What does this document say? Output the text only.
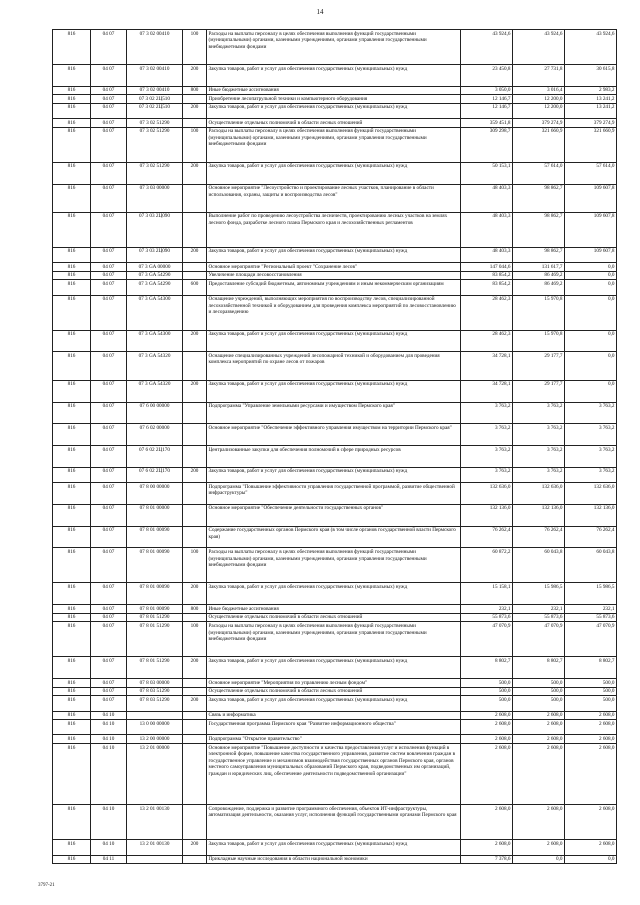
14
816	04 07	07 3 02 00410	100	Расходы на выплаты персоналу в целях обеспечения выполнения функций государственными (муниципальными) органами, казенными учреждениями, органами управления государственными внебюджетными фондами	43 924,6	43 924,6	43 924,6
816	04 07	07 3 02 00410	200	Закупка товаров, работ и услуг для обеспечения государственных (муниципальных) нужд	23 450,8	27 731,8	30 615,8
816	04 07	07 3 02 00410	800	Иные бюджетные ассигнования	3 050,0	3 016,4	2 983,2
816	04 07	07 3 02 2Ц510		Приобретение лесопатрульной техники и компьютерного оборудования	12 146,7	12 200,0	13 241,2
816	04 07	07 3 02 2Ц510	200	Закупка товаров, работ и услуг для обеспечения государственных (муниципальных) нужд	12 146,7	12 200,0	13 241,2
816	04 07	07 3 02 51290		Осуществление отдельных полномочий в области лесных отношений	359 451,8	379 274,9	379 274,9
816	04 07	07 3 02 51290	100	Расходы на выплаты персоналу в целях обеспечения выполнения функций государственными (муниципальными) органами, казенными учреждениями, органами управления государственными внебюджетными фондами	309 298,7	321 660,9	321 660,9
816	04 07	07 3 02 51290	200	Закупка товаров, работ и услуг для обеспечения государственных (муниципальных) нужд	50 153,1	57 614,0	57 614,0
816	04 07	07 3 03 00000		Основное мероприятие "Лесоустройство и проектирование лесных участков, планирование в области использования, охраны, защиты и воспроизводства лесов"	48 403,3	98 862,7	109 607,8
816	04 07	07 3 03 2Ц090		Выполнение работ по проведению лесоустройства лесничеств, проектированию лесных участков на землях лесного фонда, разработке лесного плана Пермского края и лесохозяйственных регламентов	48 403,3	98 862,7	109 607,8
816	04 07	07 3 03 2Ц090	200	Закупка товаров, работ и услуг для обеспечения государственных (муниципальных) нужд	48 403,3	98 862,7	109 607,8
816	04 07	07 3 GA 00000		Основное мероприятие "Региональный проект "Сохранение лесов"	147 044,6	131 617,7	0,0
816	04 07	07 3 GA 54290		Увеличение площади лесовосстановления	83 854,2	86 469,2	0,0
816	04 07	07 3 GA 54290	600	Предоставление субсидий бюджетным, автономным учреждениям и иным некоммерческим организациям	83 854,2	86 469,2	0,0
816	04 07	07 3 GA 54300		Оснащение учреждений, выполняющих мероприятия по воспроизводству лесов, специализированной лесохозяйственной техникой и оборудованием для проведения комплекса мероприятий по лесовосстановлению и лесоразведению	28 462,3	15 970,8	0,0
816	04 07	07 3 GA 54300	200	Закупка товаров, работ и услуг для обеспечения государственных (муниципальных) нужд	28 462,3	15 970,8	0,0
816	04 07	07 3 GA 54320		Оснащение специализированных учреждений лесопожарной техникой и оборудованием для проведения комплекса мероприятий по охране лесов от пожаров	34 728,1	29 177,7	0,0
816	04 07	07 3 GA 54320	200	Закупка товаров, работ и услуг для обеспечения государственных (муниципальных) нужд	34 728,1	29 177,7	0,0
816	04 07	07 6 00 00000		Подпрограмма "Управление земельными ресурсами и имуществом Пермского края"	3 763,2	3 763,2	3 763,2
816	04 07	07 6 02 00000		Основное мероприятие "Обеспечение эффективного управления имуществом на территории Пермского края"	3 763,2	3 763,2	3 763,2
816	04 07	07 6 02 2Ц170		Централизованные закупки для обеспечения полномочий в сфере природных ресурсов	3 763,2	3 763,2	3 763,2
816	04 07	07 6 02 2Ц170	200	Закупка товаров, работ и услуг для обеспечения государственных (муниципальных) нужд	3 763,2	3 763,2	3 763,2
816	04 07	07 8 00 00000		Подпрограмма "Повышение эффективности управления государственной программой, развитие общественной инфраструктуры"	132 636,0	132 636,0	132 636,0
816	04 07	07 8 01 00000		Основное мероприятие "Обеспечение деятельности государственных органов"	132 136,0	132 136,0	132 136,0
816	04 07	07 8 01 00090		Содержание государственных органов Пермского края (в том числе органов государственной власти Пермского края)	76 262,4	76 262,4	76 262,4
816	04 07	07 8 01 00090	100	Расходы на выплаты персоналу в целях обеспечения выполнения функций государственными (муниципальными) органами, казенными учреждениями, органами управления государственными внебюджетными фондами	60 872,2	60 043,8	60 043,8
816	04 07	07 8 01 00090	200	Закупка товаров, работ и услуг для обеспечения государственных (муниципальных) нужд	15 158,1	15 986,5	15 986,5
816	04 07	07 8 01 00090	800	Иные бюджетные ассигнования	232,1	232,1	232,1
816	04 07	07 8 01 51290		Осуществление отдельных полномочий в области лесных отношений	55 873,6	55 873,6	55 873,6
816	04 07	07 8 01 51290	100	Расходы на выплаты персоналу в целях обеспечения выполнения функций государственными (муниципальными) органами, казенными учреждениями, органами управления государственными внебюджетными фондами	47 070,9	47 070,9	47 070,9
816	04 07	07 8 01 51290	200	Закупка товаров, работ и услуг для обеспечения государственных (муниципальных) нужд	8 802,7	8 802,7	8 802,7
816	04 07	07 8 03 00000		Основное мероприятие "Мероприятия по управлению лесным фондом"	500,0	500,0	500,0
816	04 07	07 8 03 51290		Осуществление отдельных полномочий в области лесных отношений	500,0	500,0	500,0
816	04 07	07 8 03 51290	200	Закупка товаров, работ и услуг для обеспечения государственных (муниципальных) нужд	500,0	500,0	500,0
816	04 10			Связь и информатика	2 608,0	2 608,0	2 608,0
816	04 10	13 0 00 00000		Государственная программа Пермского края "Развитие информационного общества"	2 608,0	2 608,0	2 608,0
816	04 10	13 2 00 00000		Подпрограмма "Открытое правительство"	2 608,0	2 608,0	2 608,0
816	04 10	13 2 01 00000		Основное мероприятие "Повышение доступности и качества предоставления услуг и исполнения функций в электронной форме, повышение качества государственного управления, развитие систем вовлечения граждан в государственное управление и механизмов взаимодействия государственных органов Пермского края, органов местного самоуправления муниципальных образований Пермского края, подведомственных им организаций, граждан и юридических лиц, обеспечение деятельности подведомственной организации"	2 608,0	2 608,0	2 608,0
816	04 10	13 2 01 00130		Сопровождение, поддержка и развитие программного обеспечения, объектов ИТ-инфраструктуры, автоматизация деятельности, оказания услуг, исполнения функций государственными органами Пермского края	2 608,0	2 608,0	2 608,0
816	04 10	13 2 01 00130	200	Закупка товаров, работ и услуг для обеспечения государственных (муниципальных) нужд	2 608,0	2 608,0	2 608,0
816	04 11			Прикладные научные исследования в области национальной экономики	7 378,6	0,0	0,0
3797-21
